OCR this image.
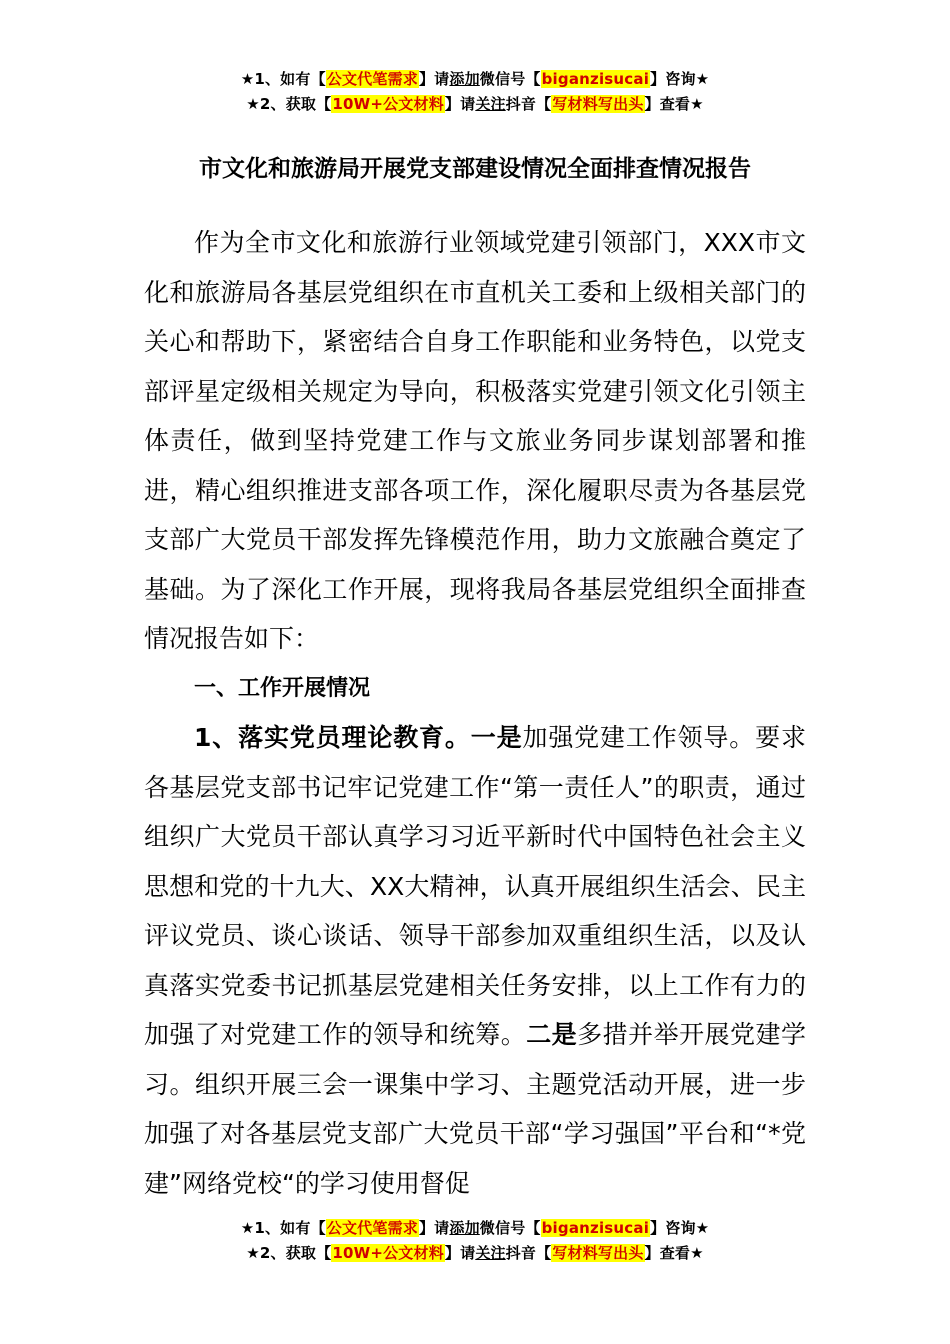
★1、如有【公文代笔需求】请添加微信号【biganzisucai】咨询★
★2、获取【10W+公文材料】请关注抖音【写材料写出头】查看★
市文化和旅游局开展党支部建设情况全面排查情况报告

作为全市文化和旅游行业领域党建引领部门，XXX市文化和旅游局各基层党组织在市直机关工委和上级相关部门的关心和帮助下，紧密结合自身工作职能和业务特色，以党支部评星定级相关规定为导向，积极落实党建引领文化引领主体责任，做到坚持党建工作与文旅业务同步谋划部署和推进，精心组织推进支部各项工作，深化履职尽责为各基层党支部广大党员干部发挥先锋模范作用，助力文旅融合奠定了基础。为了深化工作开展，现将我局各基层党组织全面排查情况报告如下：

一、工作开展情况

1、落实党员理论教育。一是加强党建工作领导。要求各基层党支部书记牢记党建工作“第一责任人”的职责，通过组织广大党员干部认真学习习近平新时代中国特色社会主义思想和党的十九大、XX大精神，认真开展组织生活会、民主评议党员、谈心谈话、领导干部参加双重组织生活，以及认真落实党委书记抓基层党建相关任务安排，以上工作有力的加强了对党建工作的领导和统筹。二是多措并举开展党建学习。组织开展三会一课集中学习、主题党活动开展，进一步加强了对各基层党支部广大党员干部“学习强国”平台和“*党建”网络党校“的学习使用督促

★1、如有【公文代笔需求】请添加微信号【biganzisucai】咨询★
★2、获取【10W+公文材料】请关注抖音【写材料写出头】查看★
